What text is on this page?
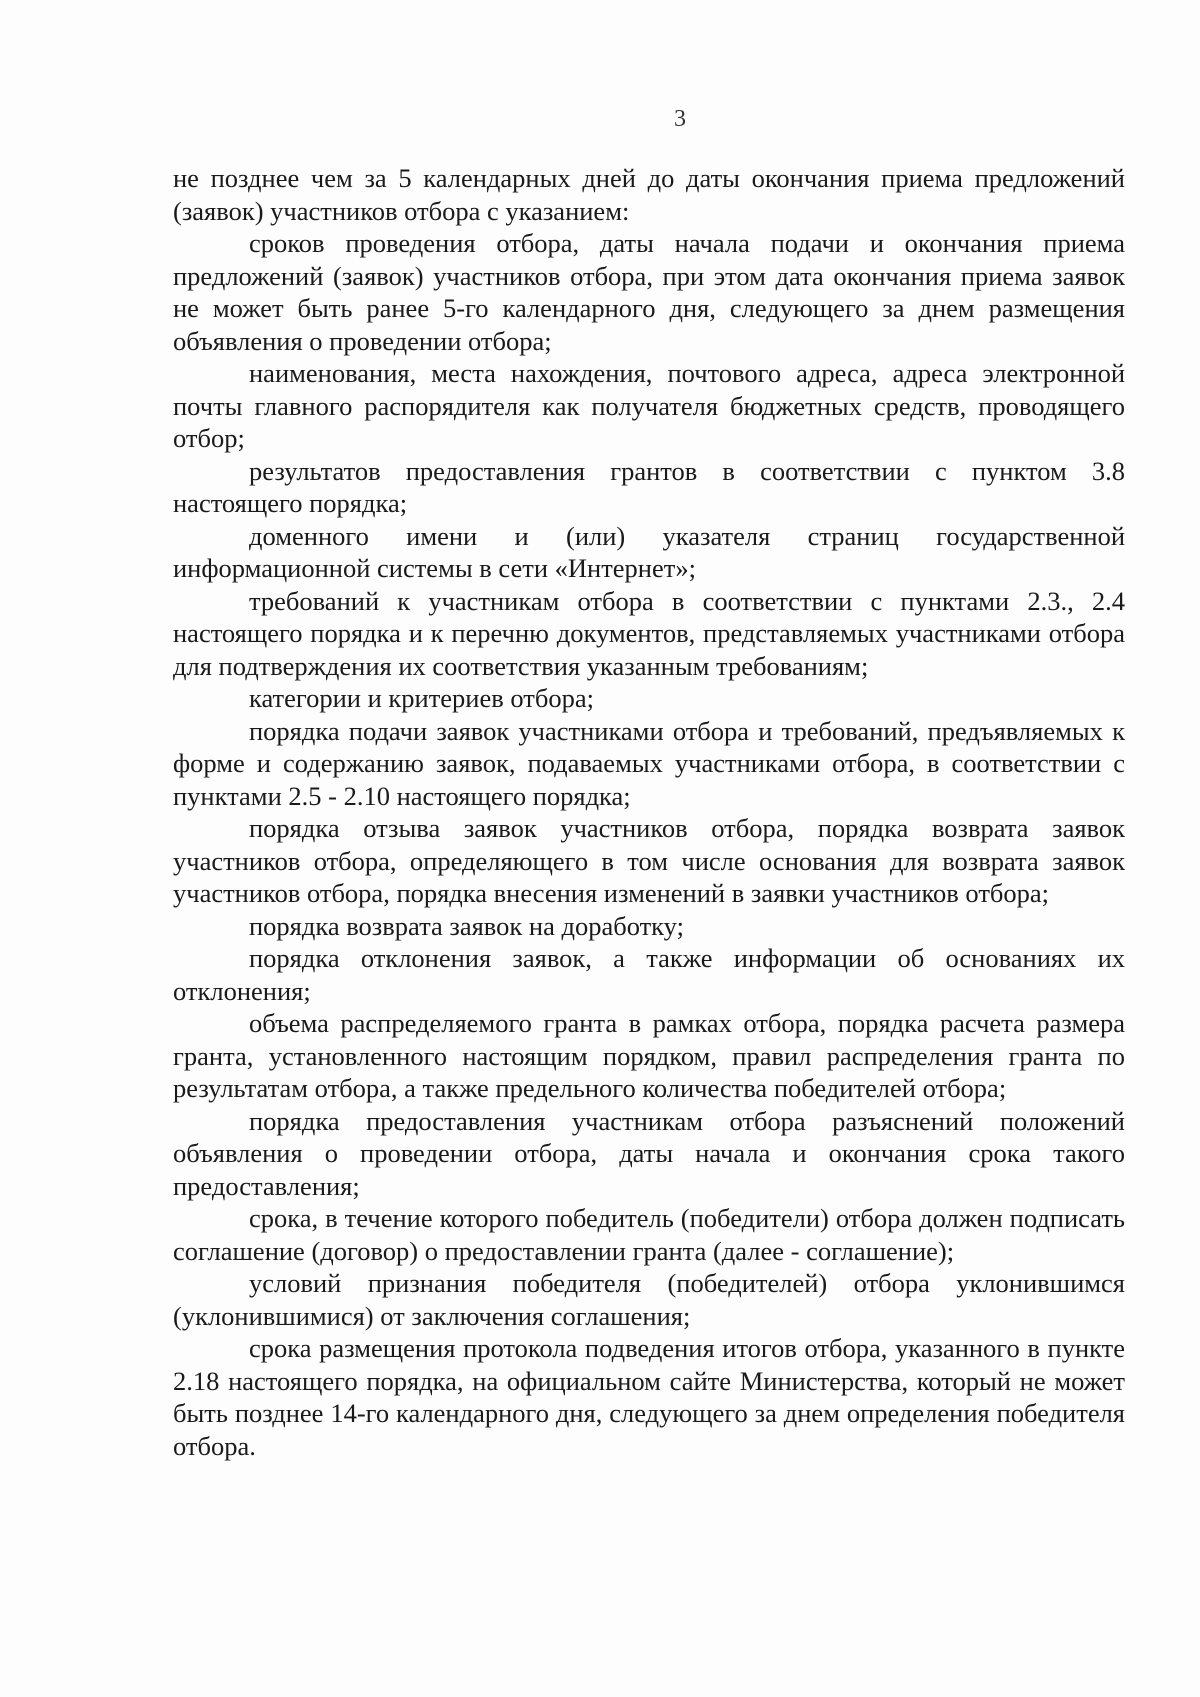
3

не позднее чем за 5 календарных дней до даты окончания приема предложений (заявок) участников отбора с указанием:

сроков проведения отбора, даты начала подачи и окончания приема предложений (заявок) участников отбора, при этом дата окончания приема заявок не может быть ранее 5-го календарного дня, следующего за днем размещения объявления о проведении отбора;

наименования, места нахождения, почтового адреса, адреса электронной почты главного распорядителя как получателя бюджетных средств, проводящего отбор;

результатов предоставления грантов в соответствии с пунктом 3.8 настоящего порядка;

доменного имени и (или) указателя страниц государственной информационной системы в сети «Интернет»;

требований к участникам отбора в соответствии с пунктами 2.3., 2.4 настоящего порядка и к перечню документов, представляемых участниками отбора для подтверждения их соответствия указанным требованиям;

категории и критериев отбора;

порядка подачи заявок участниками отбора и требований, предъявляемых к форме и содержанию заявок, подаваемых участниками отбора, в соответствии с пунктами 2.5 - 2.10 настоящего порядка;

порядка отзыва заявок участников отбора, порядка возврата заявок участников отбора, определяющего в том числе основания для возврата заявок участников отбора, порядка внесения изменений в заявки участников отбора;

порядка возврата заявок на доработку;

порядка отклонения заявок, а также информации об основаниях их отклонения;

объема распределяемого гранта в рамках отбора, порядка расчета размера гранта, установленного настоящим порядком, правил распределения гранта по результатам отбора, а также предельного количества победителей отбора;

порядка предоставления участникам отбора разъяснений положений объявления о проведении отбора, даты начала и окончания срока такого предоставления;

срока, в течение которого победитель (победители) отбора должен подписать соглашение (договор) о предоставлении гранта (далее - соглашение);

условий признания победителя (победителей) отбора уклонившимся (уклонившимися) от заключения соглашения;

срока размещения протокола подведения итогов отбора, указанного в пункте 2.18 настоящего порядка, на официальном сайте Министерства, который не может быть позднее 14-го календарного дня, следующего за днем определения победителя отбора.
